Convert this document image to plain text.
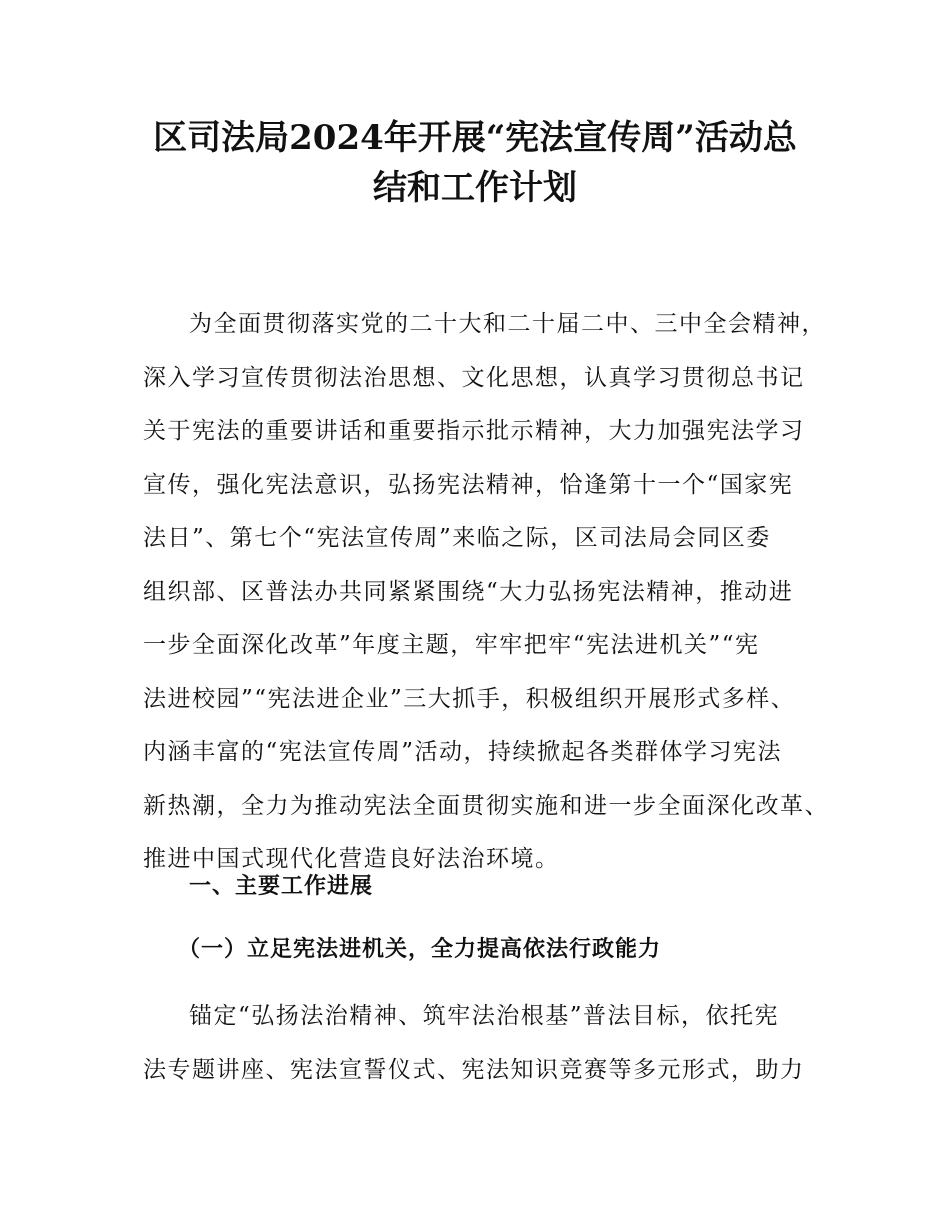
区司法局2024年开展“宪法宣传周”活动总
结和工作计划
为全面贯彻落实党的二十大和二十届二中、三中全会精神，
深入学习宣传贯彻法治思想、文化思想，认真学习贯彻总书记
关于宪法的重要讲话和重要指示批示精神，大力加强宪法学习
宣传，强化宪法意识，弘扬宪法精神，恰逢第十一个“国家宪
法日”、第七个“宪法宣传周”来临之际，区司法局会同区委
组织部、区普法办共同紧紧围绕“大力弘扬宪法精神，推动进
一步全面深化改革”年度主题，牢牢把牢“宪法进机关”“宪
法进校园”“宪法进企业”三大抓手，积极组织开展形式多样、
内涵丰富的“宪法宣传周”活动，持续掀起各类群体学习宪法
新热潮，全力为推动宪法全面贯彻实施和进一步全面深化改革、
推进中国式现代化营造良好法治环境。
一、主要工作进展
（一）立足宪法进机关，全力提高依法行政能力
锚定“弘扬法治精神、筑牢法治根基”普法目标，依托宪
法专题讲座、宪法宣誓仪式、宪法知识竞赛等多元形式，助力
